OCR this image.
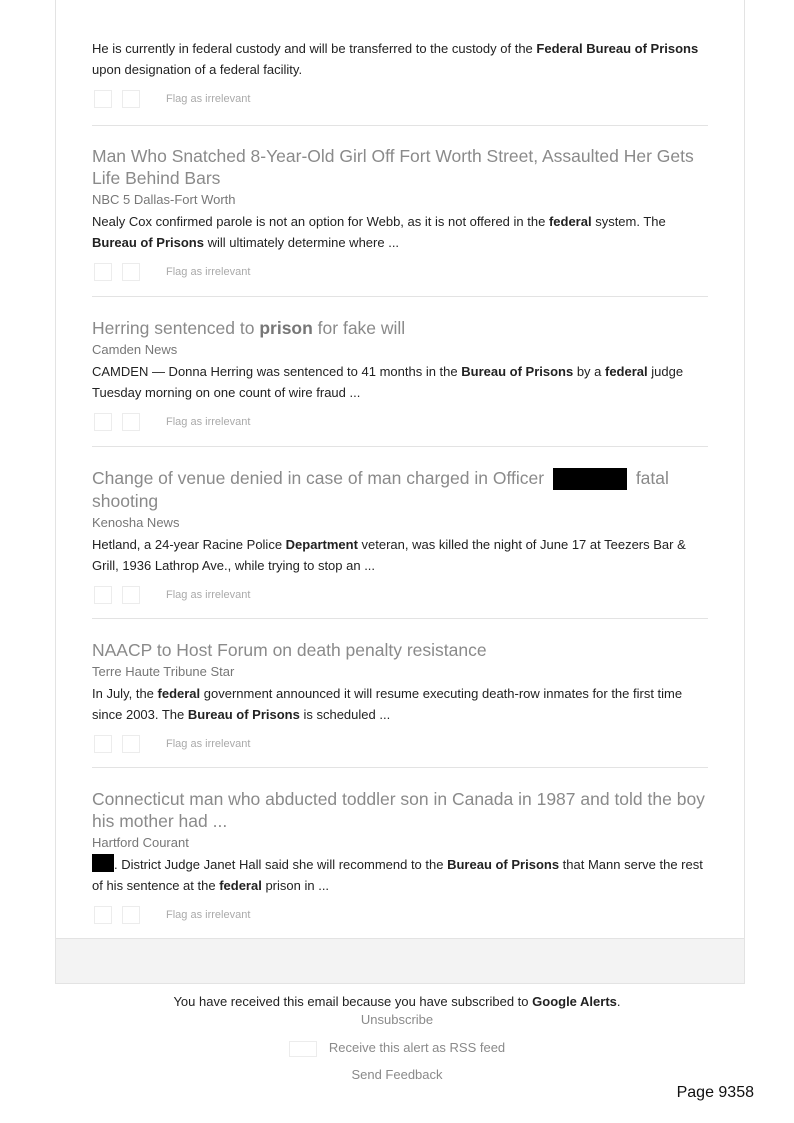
He is currently in federal custody and will be transferred to the custody of the Federal Bureau of Prisons upon designation of a federal facility.
Flag as irrelevant
Man Who Snatched 8-Year-Old Girl Off Fort Worth Street, Assaulted Her Gets Life Behind Bars
NBC 5 Dallas-Fort Worth
Nealy Cox confirmed parole is not an option for Webb, as it is not offered in the federal system. The Bureau of Prisons will ultimately determine where ...
Flag as irrelevant
Herring sentenced to prison for fake will
Camden News
CAMDEN — Donna Herring was sentenced to 41 months in the Bureau of Prisons by a federal judge Tuesday morning on one count of wire fraud ...
Flag as irrelevant
Change of venue denied in case of man charged in Officer	fatal shooting
Kenosha News
Hetland, a 24-year Racine Police Department veteran, was killed the night of June 17 at Teezers Bar & Grill, 1936 Lathrop Ave., while trying to stop an ...
Flag as irrelevant
NAACP to Host Forum on death penalty resistance
Terre Haute Tribune Star
In July, the federal government announced it will resume executing death-row inmates for the first time since 2003. The Bureau of Prisons is scheduled ...
Flag as irrelevant
Connecticut man who abducted toddler son in Canada in 1987 and told the boy his mother had ...
Hartford Courant
. District Judge Janet Hall said she will recommend to the Bureau of Prisons that Mann serve the rest of his sentence at the federal prison in ...
Flag as irrelevant
You have received this email because you have subscribed to Google Alerts.
Unsubscribe
Receive this alert as RSS feed
Send Feedback
Page 9358
